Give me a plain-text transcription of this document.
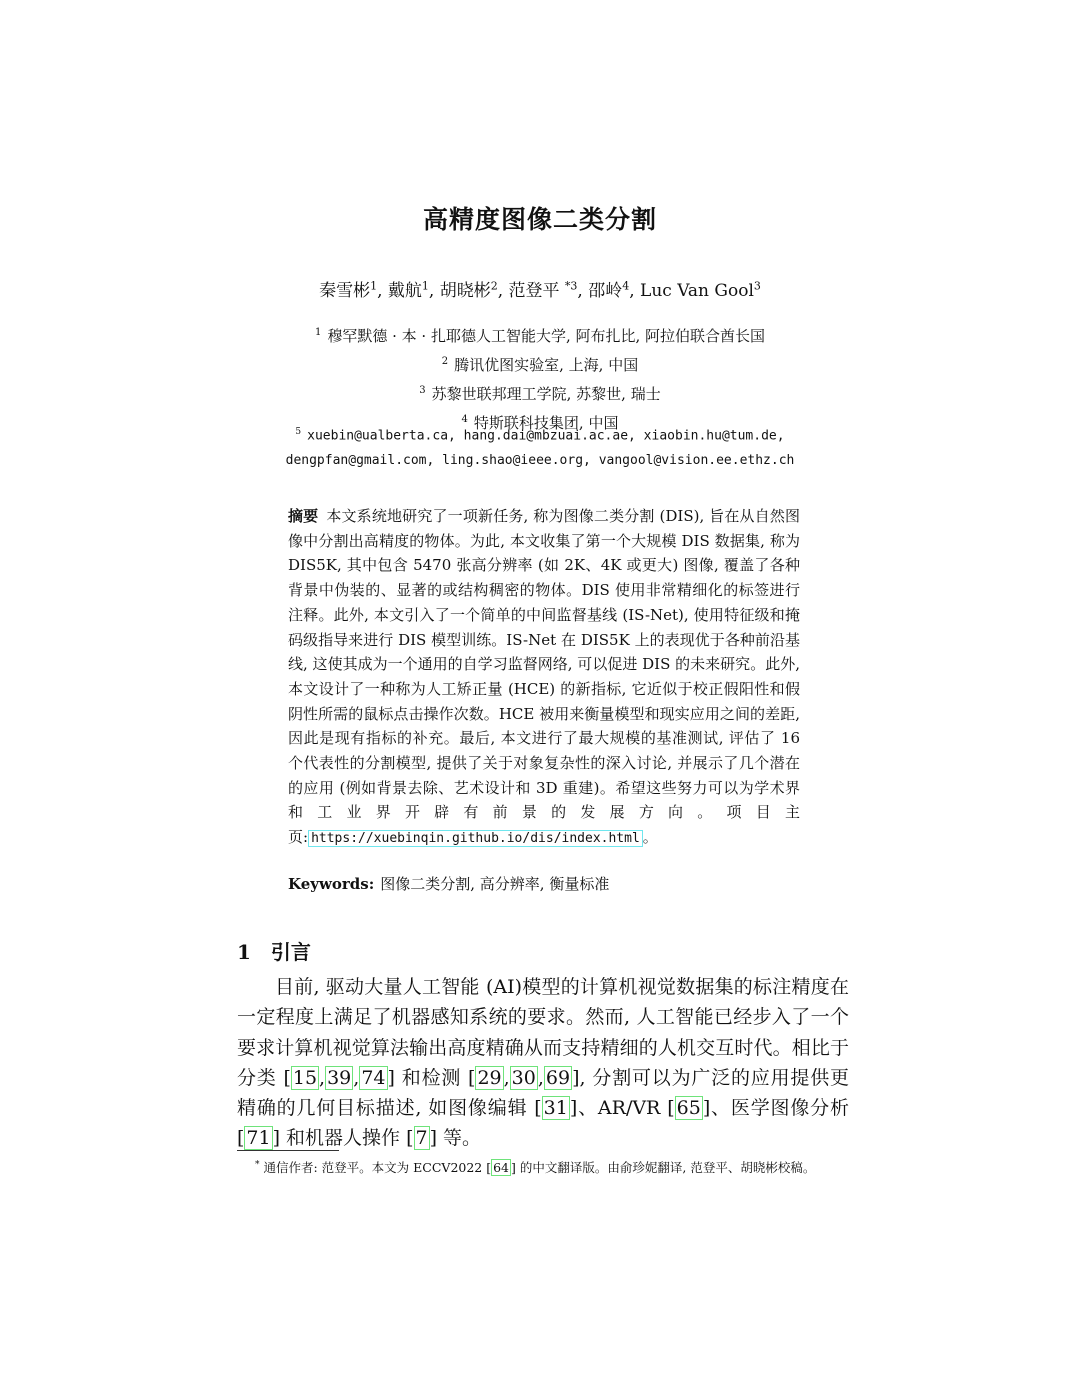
高精度图像二类分割
秦雪彬$^1$, 戴航$^1$, 胡晓彬$^2$, 范登平 $^{*3}$, 邵岭$^4$, Luc Van Gool$^3$
$^1$ 穆罕默德 · 本 · 扎耶德人工智能大学, 阿布扎比, 阿拉伯联合酋长国
$^2$ 腾讯优图实验室, 上海, 中国
$^3$ 苏黎世联邦理工学院, 苏黎世, 瑞士
$^4$ 特斯联科技集团, 中国
$^5$ xuebin@ualberta.ca, hang.dai@mbzuai.ac.ae, xiaobin.hu@tum.de,
dengpfan@gmail.com, ling.shao@ieee.org, vangool@vision.ee.ethz.ch
摘要 本文系统地研究了一项新任务, 称为图像二类分割 (DIS), 旨在从自然图像中分割出高精度的物体。为此, 本文收集了第一个大规模 DIS 数据集, 称为 DIS5K, 其中包含 5470 张高分辨率 (如 2K、4K 或更大) 图像, 覆盖了各种背景中伪装的、显著的或结构稠密的物体。DIS 使用非常精细化的标签进行注释。此外, 本文引入了一个简单的中间监督基线 (IS-Net), 使用特征级和掩码级指导来进行 DIS 模型训练。IS-Net 在 DIS5K 上的表现优于各种前沿基线, 这使其成为一个通用的自学习监督网络, 可以促进 DIS 的未来研究。此外, 本文设计了一种称为人工矫正量 (HCE) 的新指标, 它近似于校正假阳性和假阴性所需的鼠标点击操作次数。HCE 被用来衡量模型和现实应用之间的差距, 因此是现有指标的补充。最后, 本文进行了最大规模的基准测试, 评估了 16 个代表性的分割模型, 提供了关于对象复杂性的深入讨论, 并展示了几个潜在的应用 (例如背景去除、艺术设计和 3D 重建)。希望这些努力可以为学术界和工业界开辟有前景的发展方向。项目主页: https://xuebinqin.github.io/dis/index.html 。
Keywords: 图像二类分割, 高分辨率, 衡量标准
1 引言
目前, 驱动大量人工智能 (AI)模型的计算机视觉数据集的标注精度在一定程度上满足了机器感知系统的要求。然而, 人工智能已经步入了一个要求计算机视觉算法输出高度精确从而支持精细的人机交互时代。相比于分类 [ 15 , 39 , 74 ] 和检测 [ 29 , 30 , 69 ], 分割可以为广泛的应用提供更精确的几何目标描述, 如图像编辑 [ 31 ]、AR/VR [ 65 ]、医学图像分析 [ 71 ] 和机器人操作 [ 7 ] 等。
* 通信作者: 范登平。本文为 ECCV2022 [ 64 ] 的中文翻译版。由俞珍妮翻译, 范登平、胡晓彬校稿。
